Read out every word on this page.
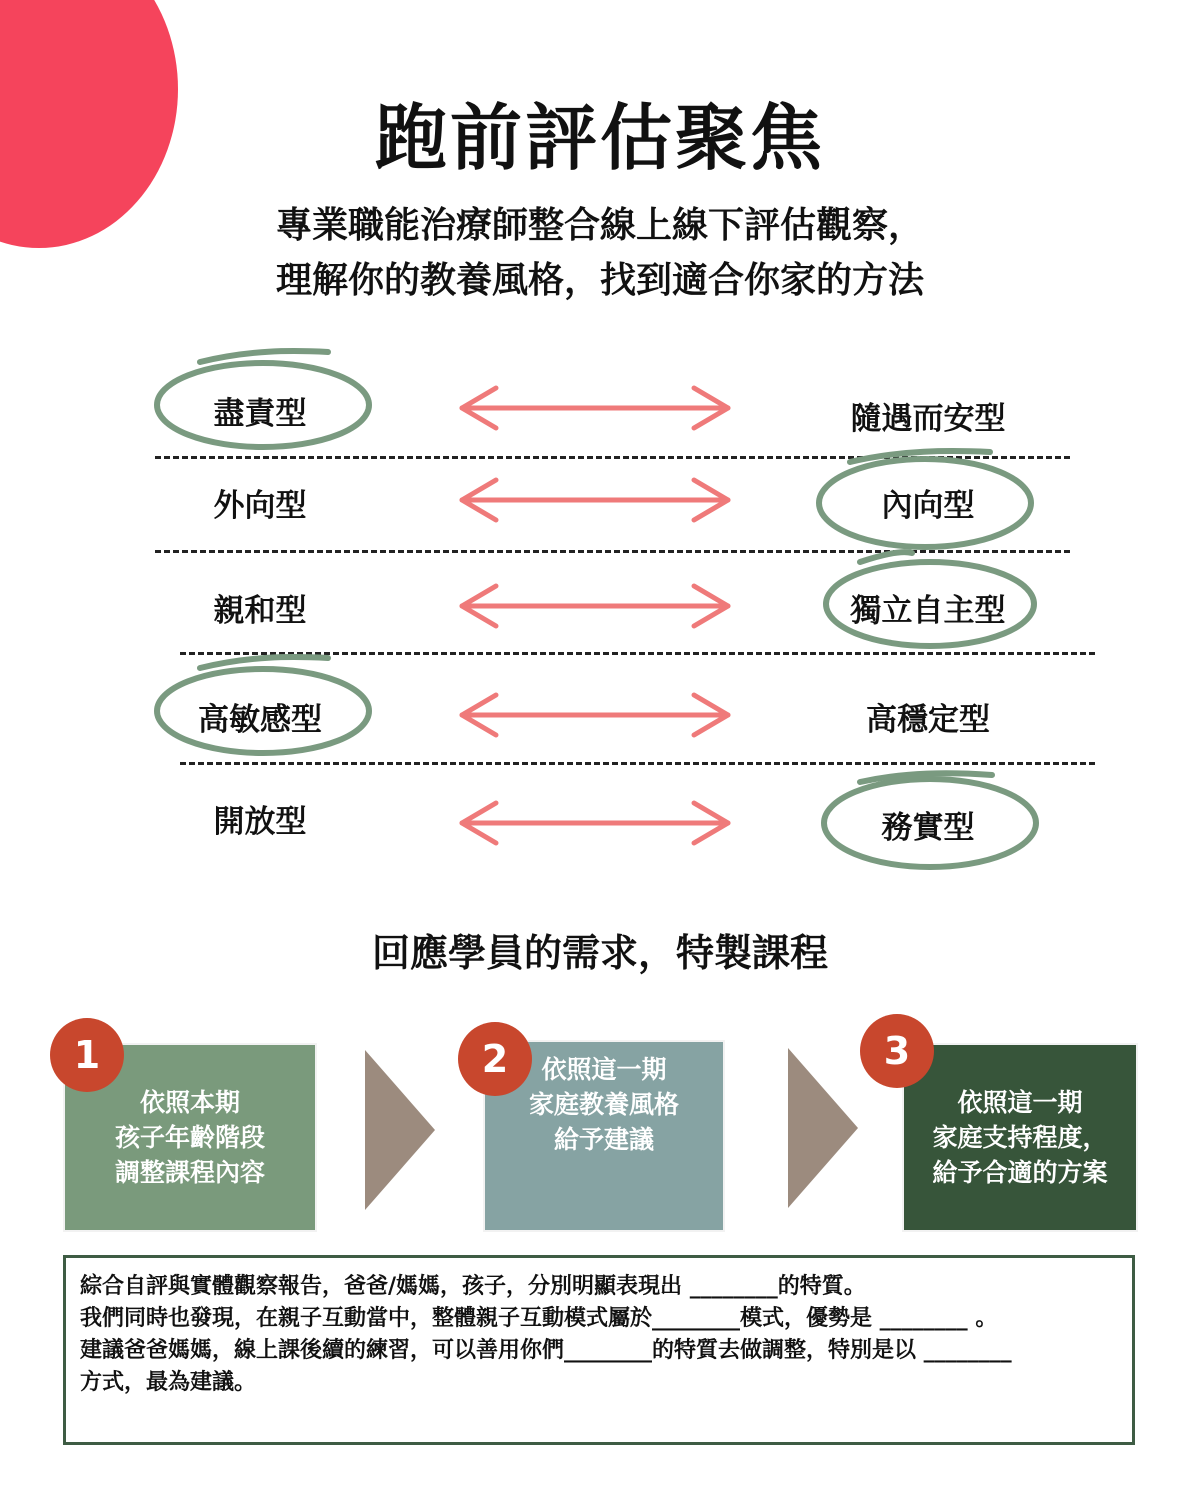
跑前評估聚焦
專業職能治療師整合線上線下評估觀察，
理解你的教養風格，找到適合你家的方法
盡責型	隨遇而安型
外向型	內向型
親和型	獨立自主型
高敏感型	高穩定型
開放型	務實型
回應學員的需求，特製課程
依照本期
孩子年齡階段
調整課程內容
1	依照這一期
家庭教養風格
給予建議
2
依照這一期
家庭支持程度，
給予合適的方案
3
綜合自評與實體觀察報告，爸爸/媽媽，孩子，分別明顯表現出 ________的特質。
我們同時也發現，在親子互動當中，整體親子互動模式屬於________模式，優勢是 ________ 。
建議爸爸媽媽，線上課後續的練習，可以善用你們________的特質去做調整，特別是以 ________
方式，最為建議。
